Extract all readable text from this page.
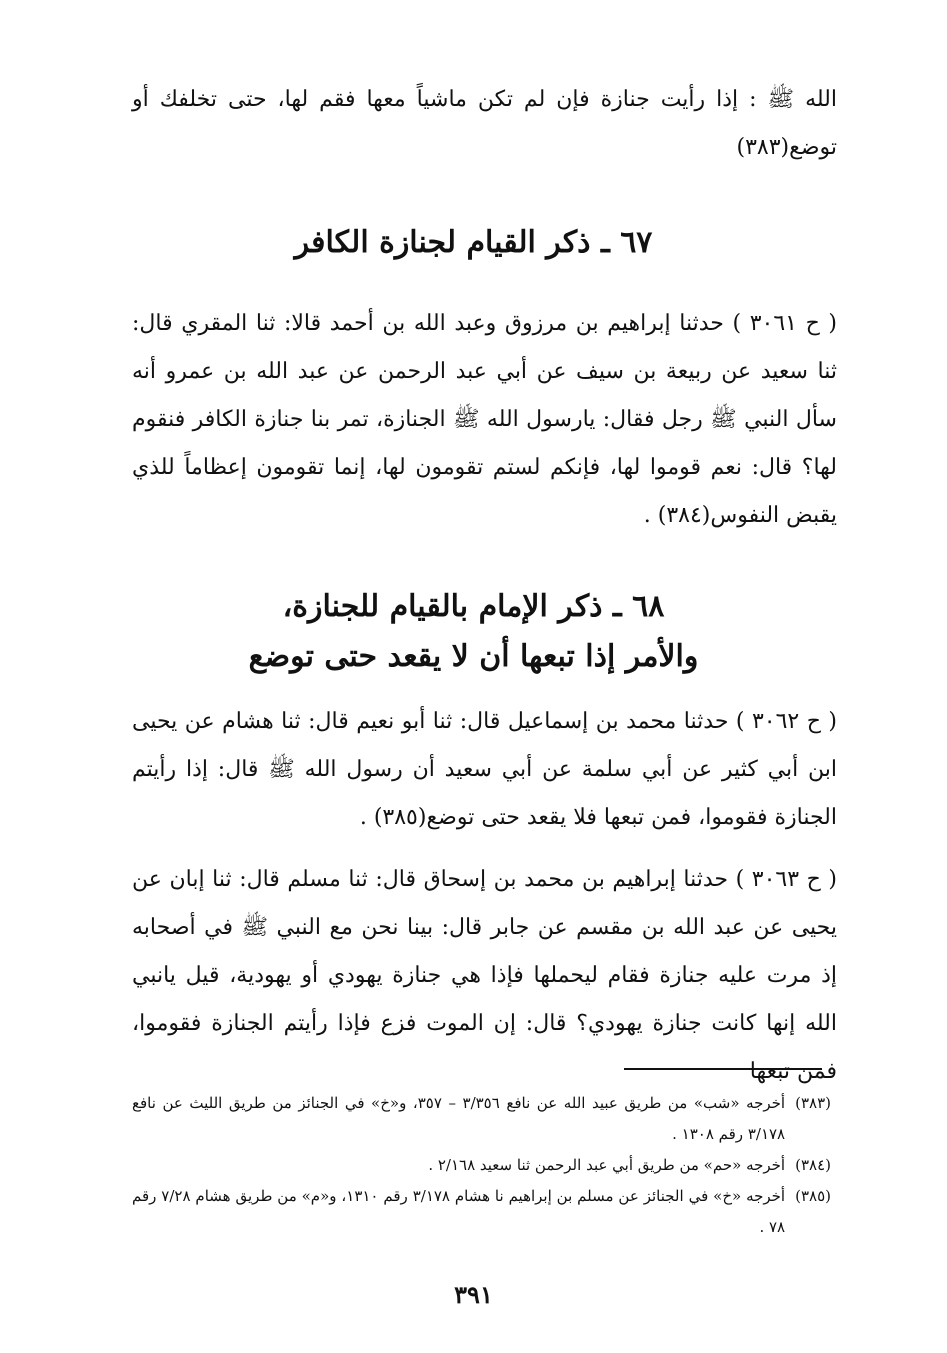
الله ﷺ : إذا رأيت جنازة فإن لم تكن ماشياً معها فقم لها، حتى تخلفك أو توضع(٣٨٣)

٦٧ ـ ذكر القيام لجنازة الكافر

( ح ٣٠٦١ ) حدثنا إبراهيم بن مرزوق وعبد الله بن أحمد قالا: ثنا المقري قال: ثنا سعيد عن ربيعة بن سيف عن أبي عبد الرحمن عن عبد الله بن عمرو أنه سأل النبي ﷺ رجل فقال: يارسول الله ﷺ الجنازة، تمر بنا جنازة الكافر فنقوم لها؟ قال: نعم قوموا لها، فإنكم لستم تقومون لها، إنما تقومون إعظاماً للذي يقبض النفوس(٣٨٤) .

٦٨ ـ ذكر الإمام بالقيام للجنازة،
والأمر إذا تبعها أن لا يقعد حتى توضع

( ح ٣٠٦٢ ) حدثنا محمد بن إسماعيل قال: ثنا أبو نعيم قال: ثنا هشام عن يحيى ابن أبي كثير عن أبي سلمة عن أبي سعيد أن رسول الله ﷺ قال: إذا رأيتم الجنازة فقوموا، فمن تبعها فلا يقعد حتى توضع(٣٨٥) .

( ح ٣٠٦٣ ) حدثنا إبراهيم بن محمد بن إسحاق قال: ثنا مسلم قال: ثنا إبان عن يحيى عن عبد الله بن مقسم عن جابر قال: بينا نحن مع النبي ﷺ في أصحابه إذ مرت عليه جنازة فقام ليحملها فإذا هي جنازة يهودي أو يهودية، قيل يانبي الله إنها كانت جنازة يهودي؟ قال: إن الموت فزع فإذا رأيتم الجنازة فقوموا، فمن تبعها

(٣٨٣)
أخرجه «شب» من طريق عبيد الله عن نافع ٣/٣٥٦ – ٣٥٧، و«خ» في الجنائز من طريق الليث عن نافع ٣/١٧٨ رقم ١٣٠٨ .
(٣٨٤)
أخرجه «حم» من طريق أبي عبد الرحمن ثنا سعيد ٢/١٦٨ .
(٣٨٥)
أخرجه «خ» في الجنائز عن مسلم بن إبراهيم نا هشام ٣/١٧٨ رقم ١٣١٠، و«م» من طريق هشام ٧/٢٨ رقم ٧٨ .
٣٩١
